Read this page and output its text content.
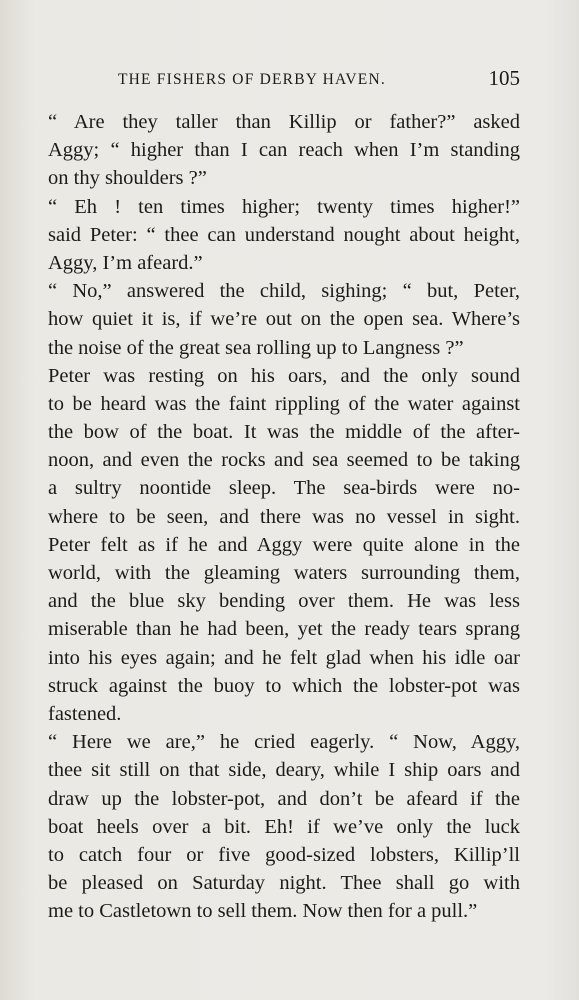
THE FISHERS OF DERBY HAVEN.	105
“ Are they taller than Killip or father?” asked
Aggy; “ higher than I can reach when I’m standing
on thy shoulders ?”
“ Eh ! ten times higher; twenty times higher!”
said Peter: “ thee can understand nought about height,
Aggy, I’m afeard.”
“ No,” answered the child, sighing; “ but, Peter,
how quiet it is, if we’re out on the open sea. Where’s
the noise of the great sea rolling up to Langness ?”
Peter was resting on his oars, and the only sound
to be heard was the faint rippling of the water against
the bow of the boat. It was the middle of the after-
noon, and even the rocks and sea seemed to be taking
a sultry noontide sleep. The sea-birds were no-
where to be seen, and there was no vessel in sight.
Peter felt as if he and Aggy were quite alone in the
world, with the gleaming waters surrounding them,
and the blue sky bending over them. He was less
miserable than he had been, yet the ready tears sprang
into his eyes again; and he felt glad when his idle oar
struck against the buoy to which the lobster-pot was
fastened.
“ Here we are,” he cried eagerly. “ Now, Aggy,
thee sit still on that side, deary, while I ship oars and
draw up the lobster-pot, and don’t be afeard if the
boat heels over a bit. Eh! if we’ve only the luck
to catch four or five good-sized lobsters, Killip’ll
be pleased on Saturday night. Thee shall go with
me to Castletown to sell them. Now then for a pull.”
